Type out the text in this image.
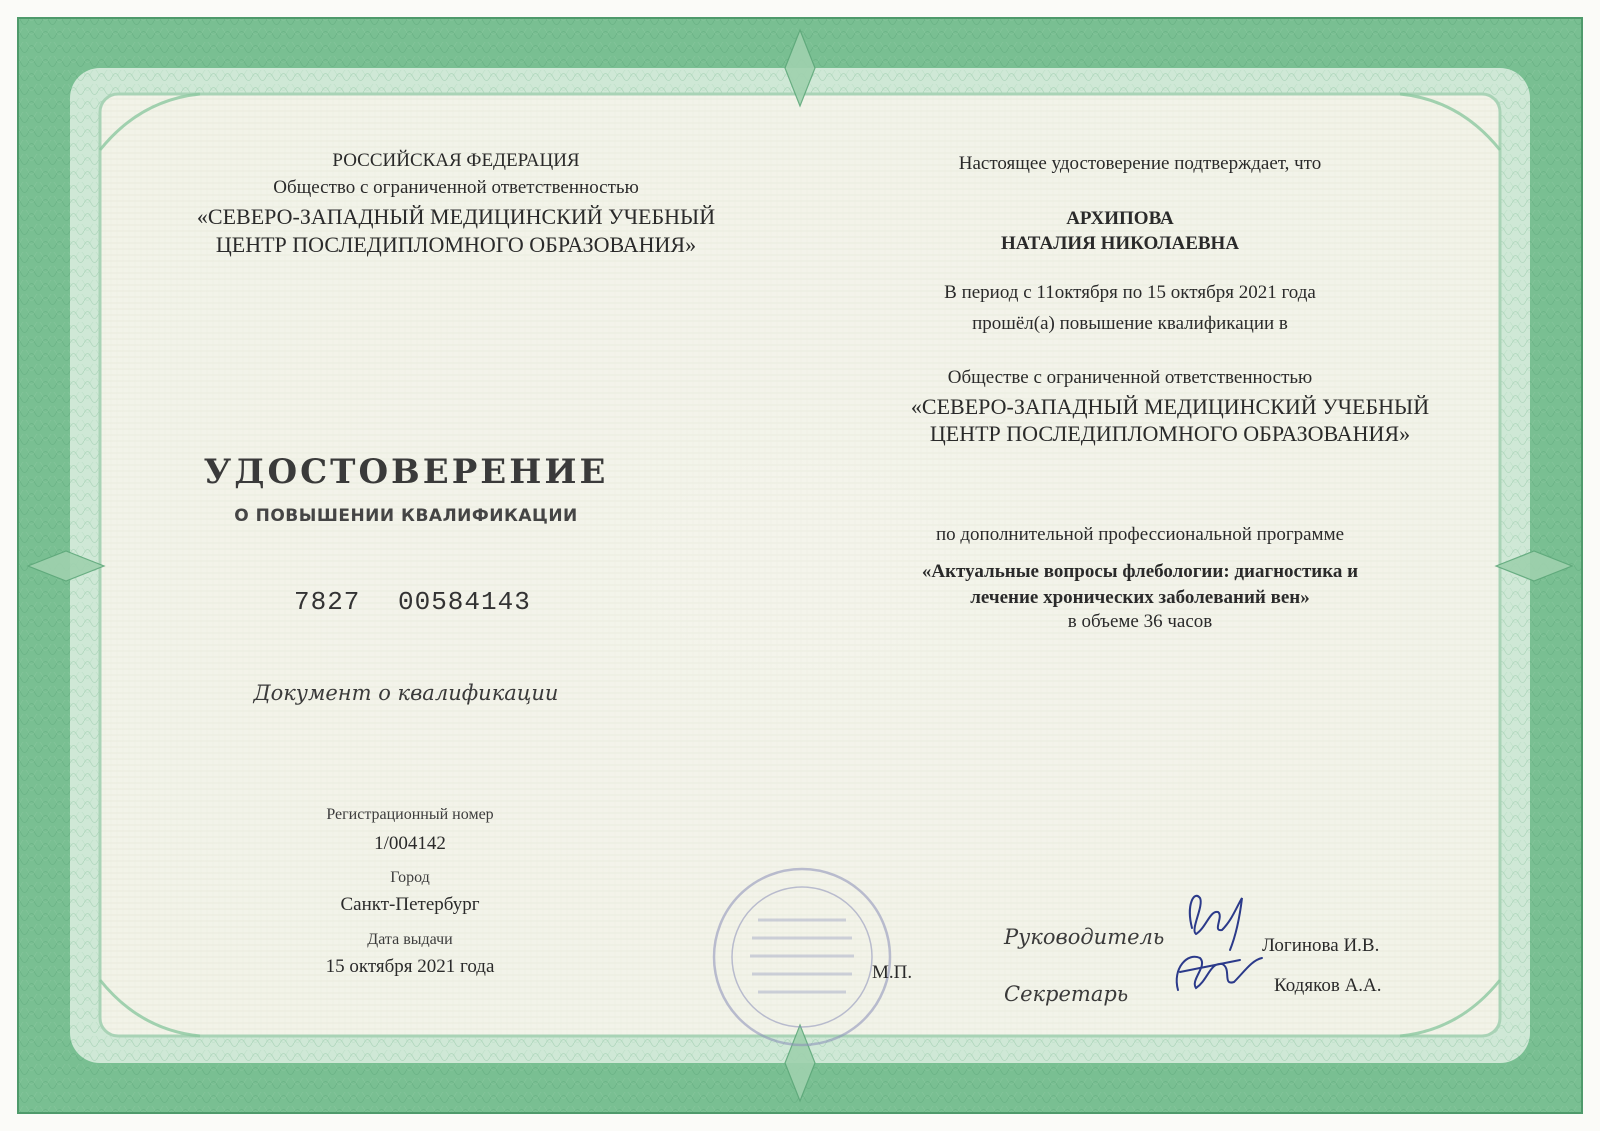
РОССИЙСКАЯ ФЕДЕРАЦИЯ
Общество с ограниченной ответственностью
«СЕВЕРО-ЗАПАДНЫЙ МЕДИЦИНСКИЙ УЧЕБНЫЙ
ЦЕНТР ПОСЛЕДИПЛОМНОГО ОБРАЗОВАНИЯ»
УДОСТОВЕРЕНИЕ
О ПОВЫШЕНИИ КВАЛИФИКАЦИИ
7827 00584143
Документ о квалификации
Регистрационный номер
1/004142
Город
Санкт-Петербург
Дата выдачи
15 октября 2021 года
Настоящее удостоверение подтверждает, что
АРХИПОВА
НАТАЛИЯ НИКОЛАЕВНА
В период с 11октября по 15 октября 2021 года
прошёл(а) повышение квалификации в
Обществе с ограниченной ответственностью
«СЕВЕРО-ЗАПАДНЫЙ МЕДИЦИНСКИЙ УЧЕБНЫЙ
ЦЕНТР ПОСЛЕДИПЛОМНОГО ОБРАЗОВАНИЯ»
по дополнительной профессиональной программе
«Актуальные вопросы флебологии: диагностика и
лечение хронических заболеваний вен»
в объеме 36 часов
М.П.
Руководитель	Логинова И.В.
Секретарь	Кодяков А.А.
